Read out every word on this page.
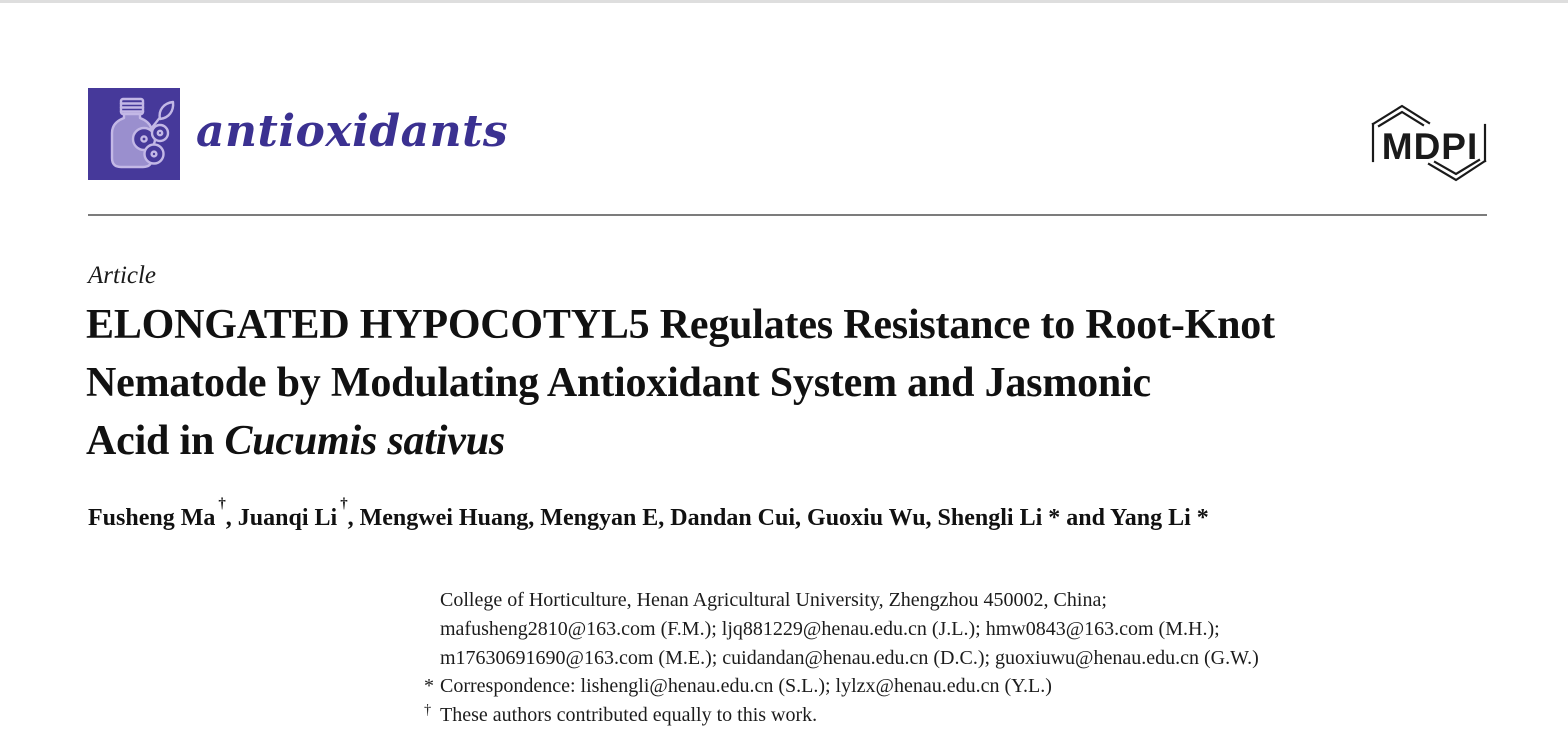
antioxidants	MDPI
Article
ELONGATED HYPOCOTYL5 Regulates Resistance to Root-Knot
Nematode by Modulating Antioxidant System and Jasmonic
Acid in Cucumis sativus
Fusheng Ma†, Juanqi Li†, Mengwei Huang, Mengyan E, Dandan Cui, Guoxiu Wu, Shengli Li * and Yang Li *
College of Horticulture, Henan Agricultural University, Zhengzhou 450002, China;
mafusheng2810@163.com (F.M.); ljq881229@henau.edu.cn (J.L.); hmw0843@163.com (M.H.);
m17630691690@163.com (M.E.); cuidandan@henau.edu.cn (D.C.); guoxiuwu@henau.edu.cn (G.W.)
* Correspondence: lishengli@henau.edu.cn (S.L.); lylzx@henau.edu.cn (Y.L.)
† These authors contributed equally to this work.
